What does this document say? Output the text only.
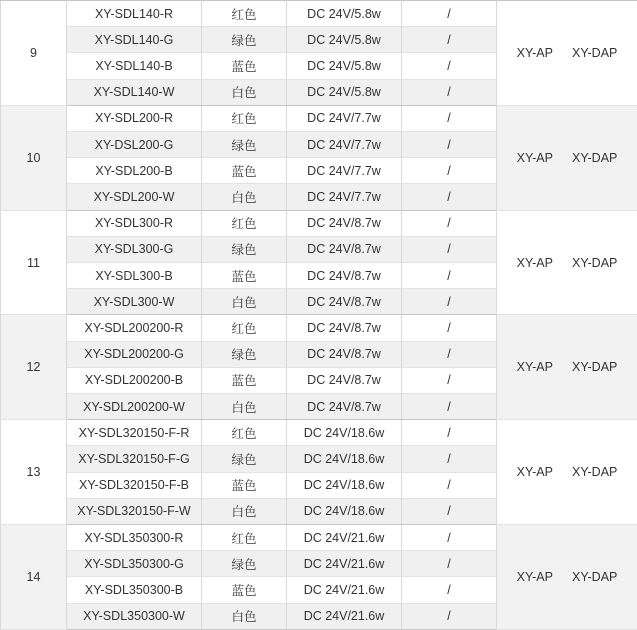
9	XY-SDL140-R	红色	DC 24V/5.8w	/	XY-AP XY-DAP

	XY-SDL140-G	绿色	DC 24V/5.8w	/	
	XY-SDL140-B	蓝色	DC 24V/5.8w	/	
	XY-SDL140-W	白色	DC 24V/5.8w	/	
10	XY-SDL200-R	红色	DC 24V/7.7w	/	XY-AP XY-DAP

	XY-DSL200-G	绿色	DC 24V/7.7w	/	
	XY-SDL200-B	蓝色	DC 24V/7.7w	/	
	XY-SDL200-W	白色	DC 24V/7.7w	/	
11	XY-SDL300-R	红色	DC 24V/8.7w	/	XY-AP XY-DAP

	XY-SDL300-G	绿色	DC 24V/8.7w	/	
	XY-SDL300-B	蓝色	DC 24V/8.7w	/	
	XY-SDL300-W	白色	DC 24V/8.7w	/	
12	XY-SDL200200-R	红色	DC 24V/8.7w	/	XY-AP XY-DAP

	XY-SDL200200-G	绿色	DC 24V/8.7w	/	
	XY-SDL200200-B	蓝色	DC 24V/8.7w	/	
	XY-SDL200200-W	白色	DC 24V/8.7w	/	
13	XY-SDL320150-F-R	红色	DC 24V/18.6w	/	XY-AP XY-DAP

	XY-SDL320150-F-G	绿色	DC 24V/18.6w	/	
	XY-SDL320150-F-B	蓝色	DC 24V/18.6w	/	
	XY-SDL320150-F-W	白色	DC 24V/18.6w	/	
14	XY-SDL350300-R	红色	DC 24V/21.6w	/	XY-AP XY-DAP

	XY-SDL350300-G	绿色	DC 24V/21.6w	/	
	XY-SDL350300-B	蓝色	DC 24V/21.6w	/	
	XY-SDL350300-W	白色	DC 24V/21.6w	/	
